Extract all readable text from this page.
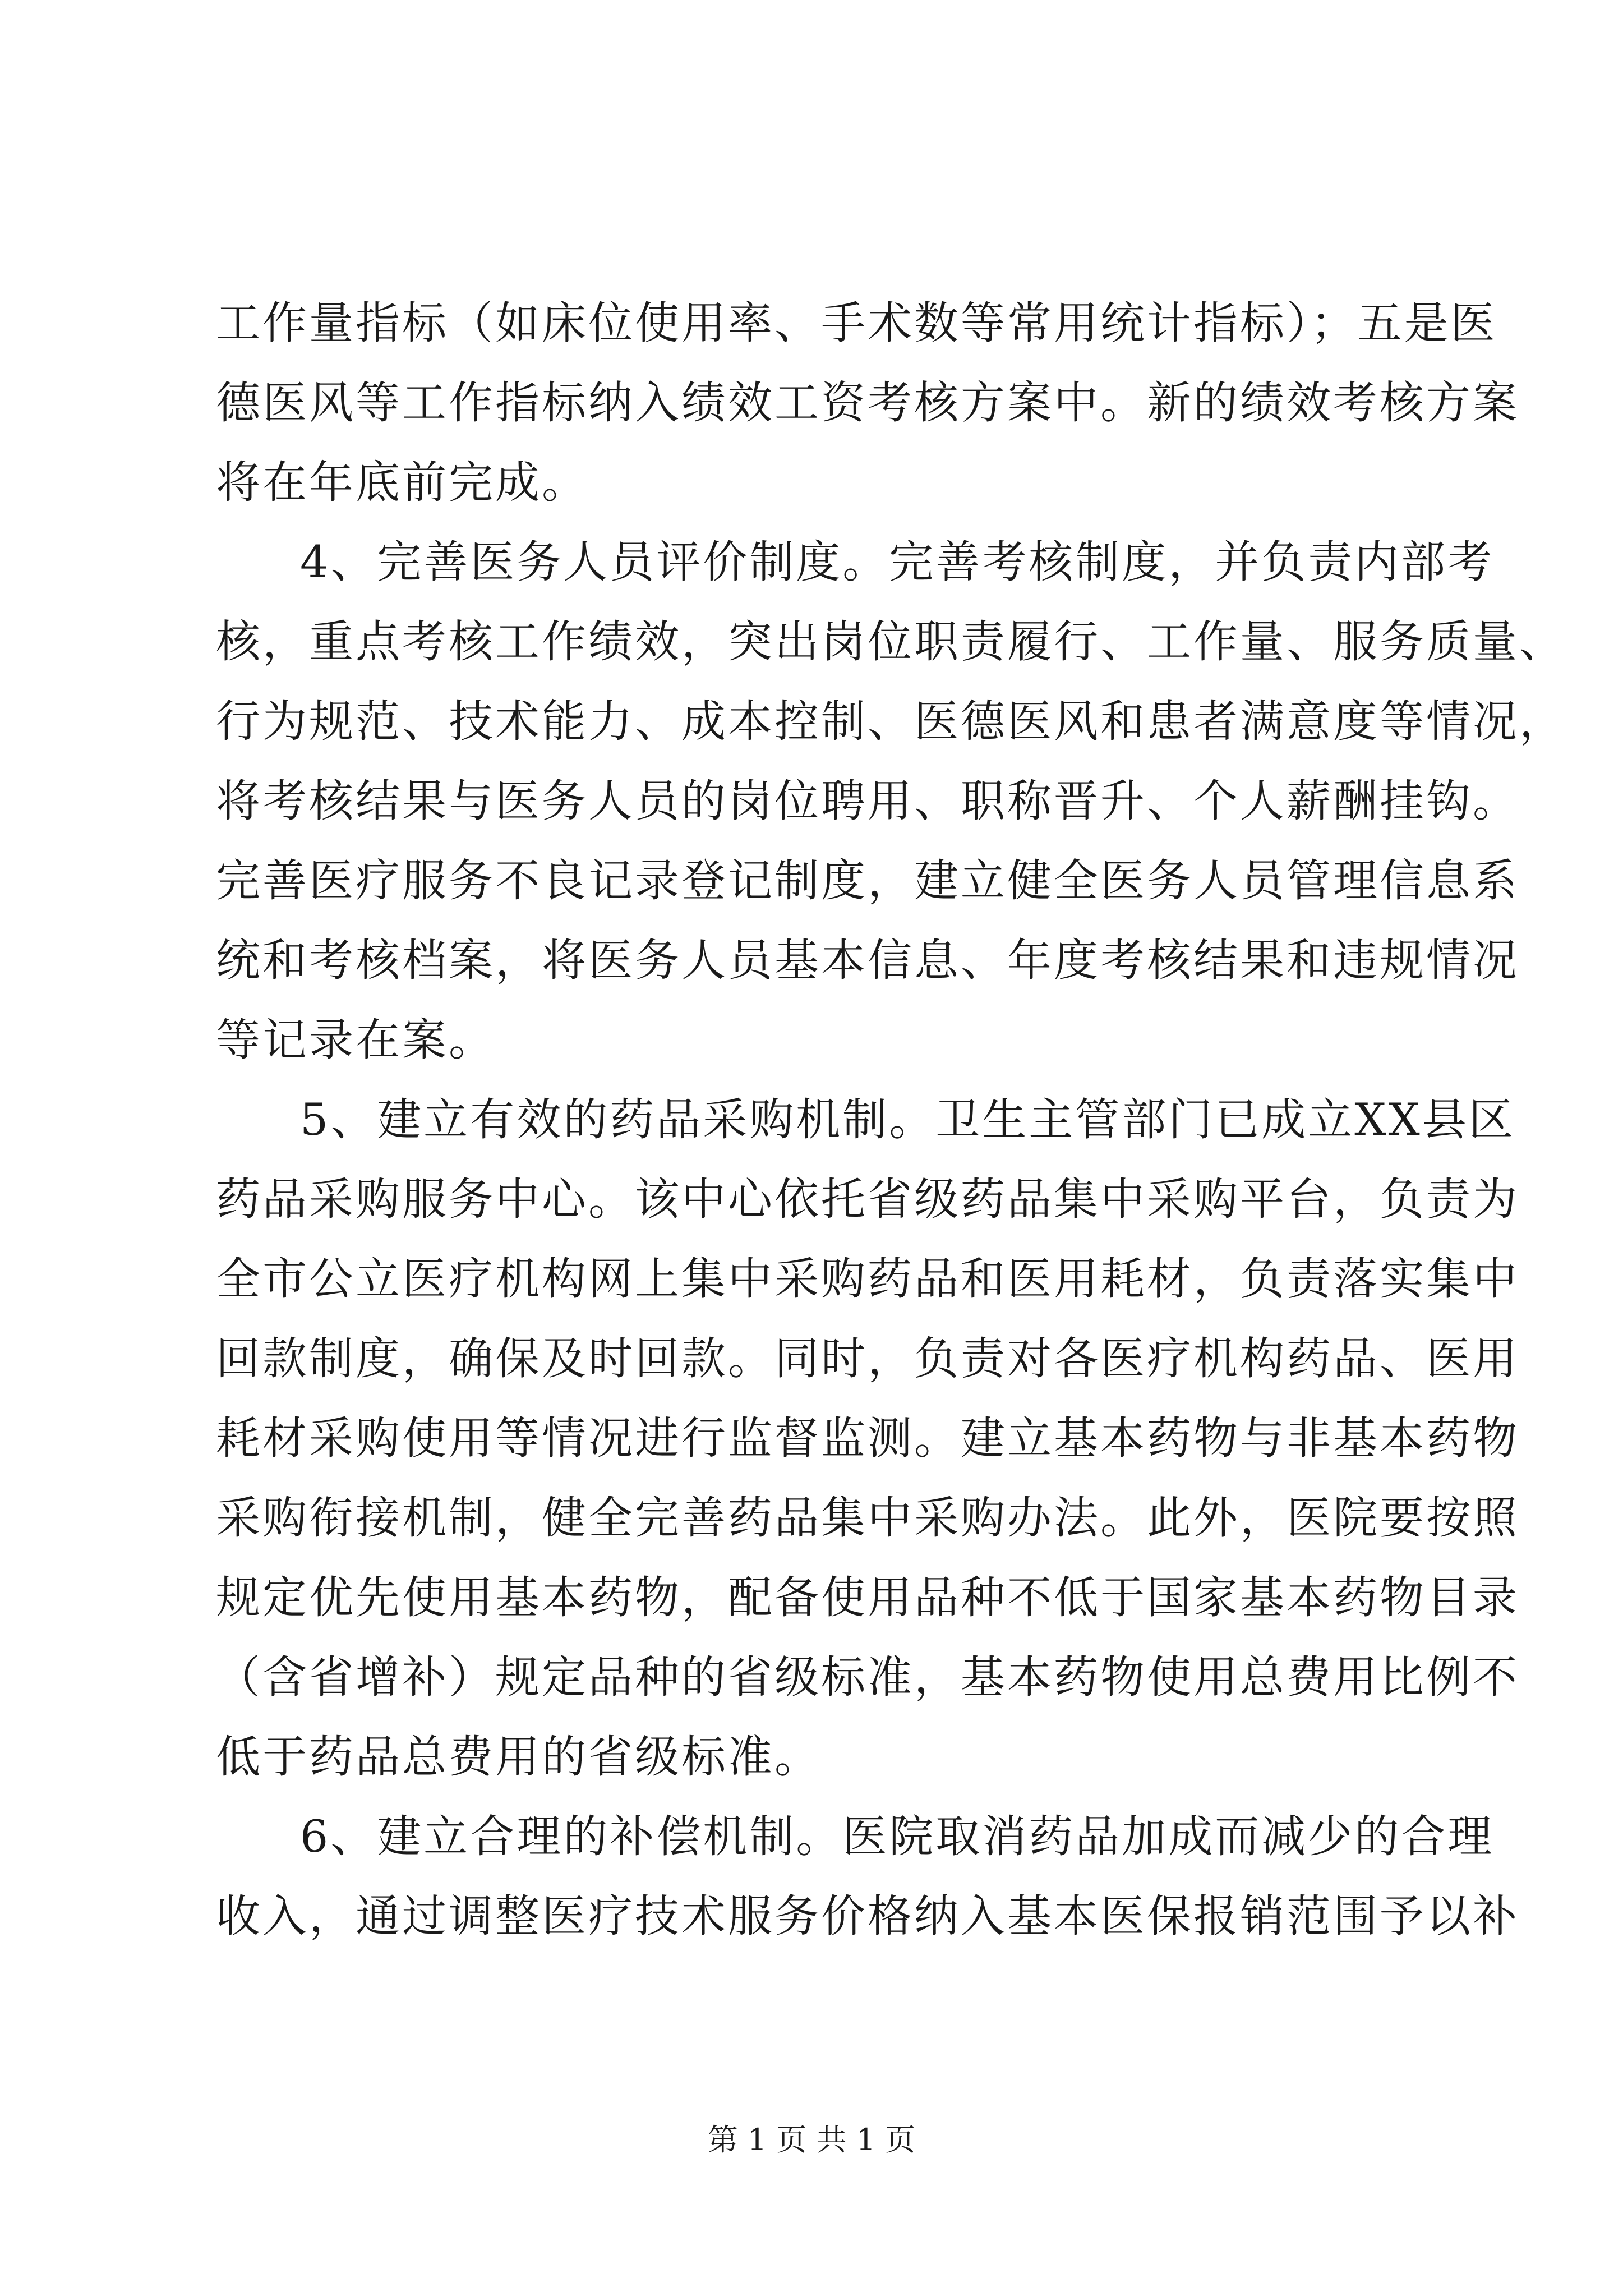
工作量指标（如床位使用率、手术数等常用统计指标）；五是医
德医风等工作指标纳入绩效工资考核方案中。新的绩效考核方案
将在年底前完成。
4、完善医务人员评价制度。完善考核制度，并负责内部考
核，重点考核工作绩效，突出岗位职责履行、工作量、服务质量、
行为规范、技术能力、成本控制、医德医风和患者满意度等情况，
将考核结果与医务人员的岗位聘用、职称晋升、个人薪酬挂钩。
完善医疗服务不良记录登记制度，建立健全医务人员管理信息系
统和考核档案，将医务人员基本信息、年度考核结果和违规情况
等记录在案。
5、建立有效的药品采购机制。卫生主管部门已成立XX县区
药品采购服务中心。该中心依托省级药品集中采购平台，负责为
全市公立医疗机构网上集中采购药品和医用耗材，负责落实集中
回款制度，确保及时回款。同时，负责对各医疗机构药品、医用
耗材采购使用等情况进行监督监测。建立基本药物与非基本药物
采购衔接机制，健全完善药品集中采购办法。此外，医院要按照
规定优先使用基本药物，配备使用品种不低于国家基本药物目录
（含省增补）规定品种的省级标准，基本药物使用总费用比例不
低于药品总费用的省级标准。
6、建立合理的补偿机制。医院取消药品加成而减少的合理
收入，通过调整医疗技术服务价格纳入基本医保报销范围予以补
第 1 页 共 1 页
